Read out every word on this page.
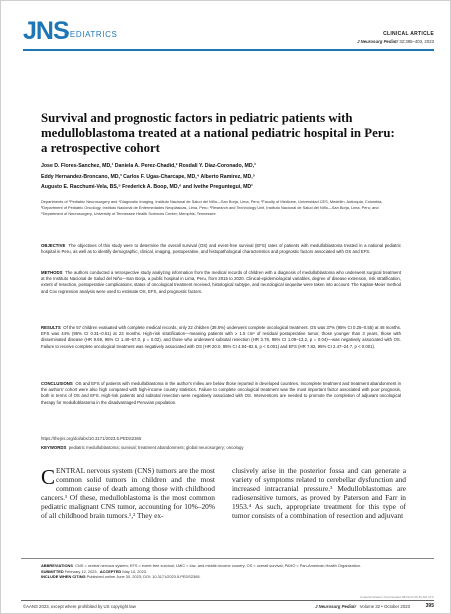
JNS
PEDIATRICS	CLINICAL ARTICLE
J Neurosurg Pediatr 32:395–403, 2023
Survival and prognostic factors in pediatric patients with medulloblastoma treated at a national pediatric hospital in Peru: a retrospective cohort
Jose D. Flores-Sanchez, MD,¹ Daniela A. Perez-Chadid,² Rosdali Y. Diaz-Coronado, MD,³
Eddy Hernandez-Broncano, MD,³ Carlos F. Ugas-Charcape, MD,⁴ Alberto Ramirez, MD,⁵
Augusto E. Racchumi-Vela, BS,⁵ Frederick A. Boop, MD,⁶ and Ivethe Preguntegui, MD¹
Departments of ¹Pediatric Neurosurgery and ⁴Diagnostic Imaging, Instituto Nacional de Salud del Niño—San Borja, Lima, Peru; ²Faculty of Medicine, Universidad CES, Medellín, Antioquia, Colombia; ³Department of Pediatric Oncology, Instituto Nacional de Enfermedades Neoplásicas, Lima, Peru; ⁵Research and Technology Unit, Instituto Nacional de Salud del Niño—San Borja, Lima, Peru; and ⁶Department of Neurosurgery, University of Tennessee Health Sciences Center, Memphis, Tennessee
OBJECTIVE The objectives of this study were to determine the overall survival (OS) and event-free survival (EFS) rates of patients with medulloblastoma treated in a national pediatric hospital in Peru, as well as to identify demographic, clinical, imaging, postoperative, and histopathological characteristics and prognostic factors associated with OS and EFS.
METHODS The authors conducted a retrospective study analyzing information from the medical records of children with a diagnosis of medulloblastoma who underwent surgical treatment at the Instituto Nacional de Salud del Niño—San Borja, a public hospital in Lima, Peru, from 2015 to 2020. Clinical-epidemiological variables, degree of disease extension, risk stratification, extent of resection, postoperative complications, status of oncological treatment received, histological subtype, and neurological sequelae were taken into account. The Kaplan-Meier method and Cox regression analysis were used to estimate OS, EFS, and prognostic factors.
RESULTS Of the 57 children evaluated with complete medical records, only 22 children (38.6%) underwent complete oncological treatment. OS was 37% (95% CI 0.25–0.55) at 48 months. EFS was 44% (95% CI 0.31–0.61) at 23 months. High-risk stratification—meaning patients with ≥ 1.5 cm² of residual postoperative tumor, those younger than 3 years, those with disseminated disease (HR 9.69, 95% CI 1.40–67.0, p = 0.02), and those who underwent subtotal resection (HR 3.78, 95% CI 1.09–13.2, p = 0.04)—was negatively associated with OS. Failure to receive complete oncological treatment was negatively associated with OS (HR 20.0, 95% CI 4.84–82.6, p < 0.001) and EFS (HR 7.82, 95% CI 2.47–24.7, p < 0.001).
CONCLUSIONS OS and EFS of patients with medulloblastoma in the author's milieu are below those reported in developed countries. Incomplete treatment and treatment abandonment in the authors' cohort were also high compared with high-income country statistics. Failure to complete oncological treatment was the most important factor associated with poor prognosis, both in terms of OS and EFS. High-risk patients and subtotal resection were negatively associated with OS. Interventions are needed to promote the completion of adjuvant oncological therapy for medulloblastoma in the disadvantaged Peruvian population.
https://thejns.org/doi/abs/10.3171/2023.5.PEDS2365
KEYWORDS pediatric medulloblastoma; survival; treatment abandonment; global neurosurgery; oncology
CENTRAL nervous system (CNS) tumors are the most common solid tumors in children and the most common cause of death among those with childhood cancers.¹ Of these, medulloblastoma is the most common pediatric malignant CNS tumor, accounting for 10%–20% of all childhood brain tumors.¹,² They ex-
clusively arise in the posterior fossa and can generate a variety of symptoms related to cerebellar dysfunction and increased intracranial pressure.³ Medulloblastomas are radiosensitive tumors, as proved by Paterson and Farr in 1953.⁴ As such, appropriate treatment for this type of tumor consists of a combination of resection and adjuvant
ABBREVIATIONS CNS = central nervous system; EFS = event-free survival; LMIC = low- and middle-income country; OS = overall survival; PAHO = Pan-American Health Organization.
SUBMITTED February 12, 2023. ACCEPTED May 10, 2023.
INCLUDE WHEN CITING Published online June 30, 2023; DOI: 10.3171/2023.5.PEDS2365.
Unauthenticated | Downloaded 08/21/23 05:46 AM UTC
©AANS 2023, except where prohibited by US copyright law	J Neurosurg Pediatr Volume 32 • October 2023	395
